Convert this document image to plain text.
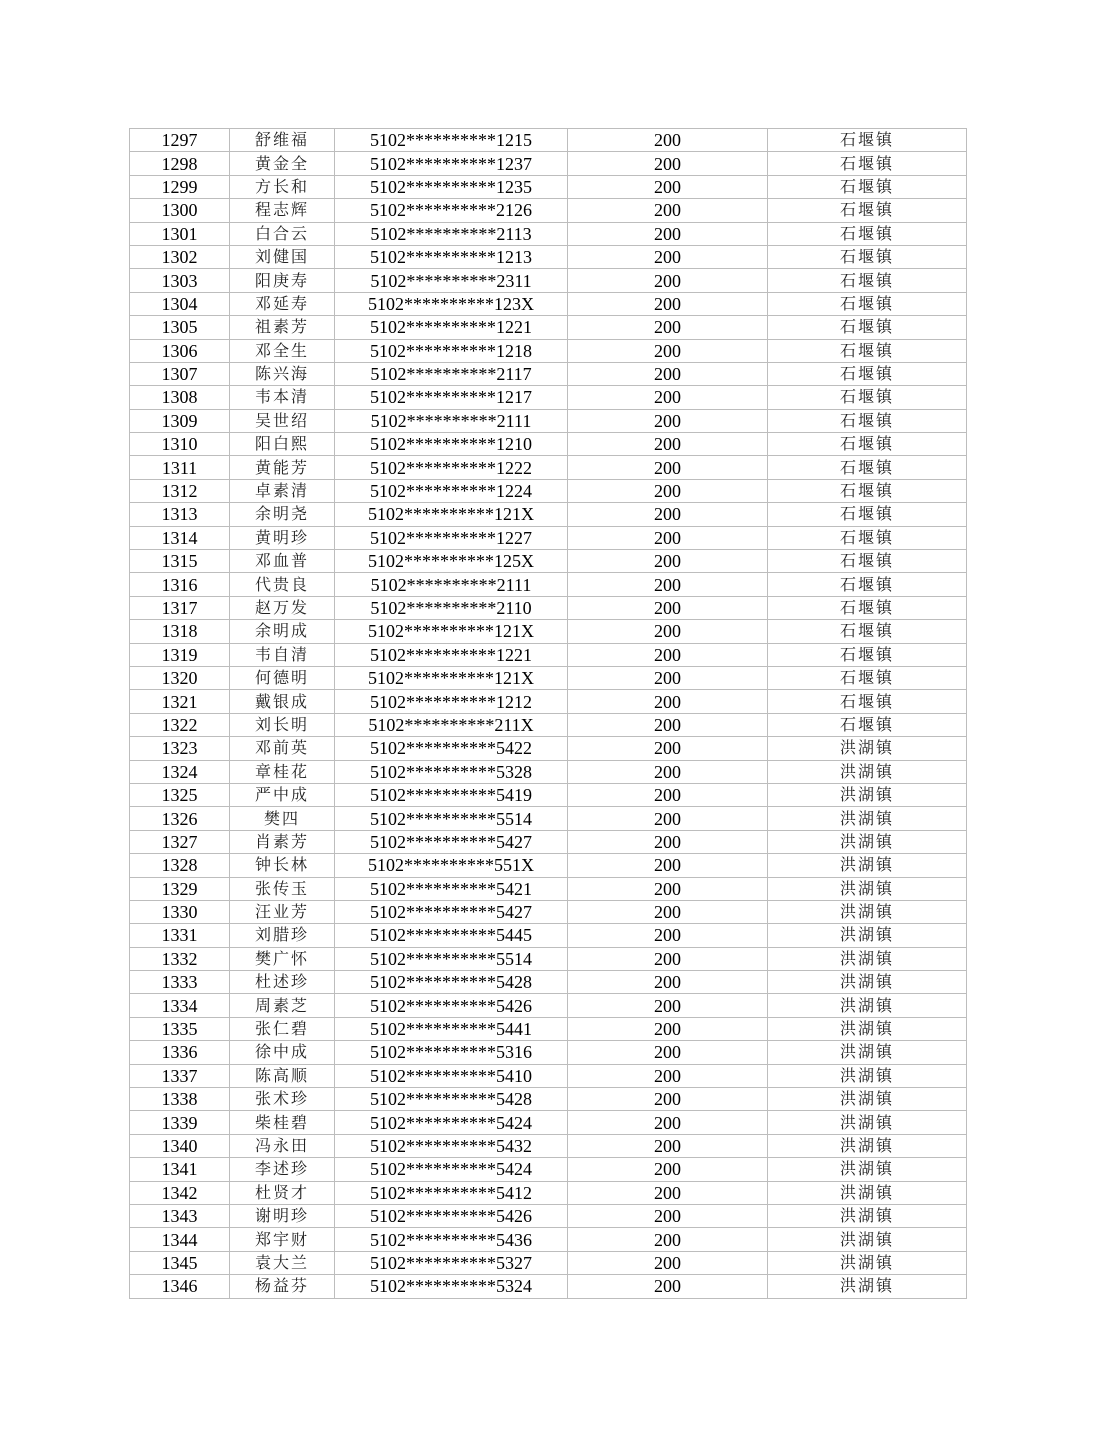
1297	舒维福	5102**********1215	200	石堰镇
1298	黄金全	5102**********1237	200	石堰镇
1299	方长和	5102**********1235	200	石堰镇
1300	程志辉	5102**********2126	200	石堰镇
1301	白合云	5102**********2113	200	石堰镇
1302	刘健国	5102**********1213	200	石堰镇
1303	阳庚寿	5102**********2311	200	石堰镇
1304	邓延寿	5102**********123X	200	石堰镇
1305	祖素芳	5102**********1221	200	石堰镇
1306	邓全生	5102**********1218	200	石堰镇
1307	陈兴海	5102**********2117	200	石堰镇
1308	韦本清	5102**********1217	200	石堰镇
1309	吴世绍	5102**********2111	200	石堰镇
1310	阳白熙	5102**********1210	200	石堰镇
1311	黄能芳	5102**********1222	200	石堰镇
1312	卓素清	5102**********1224	200	石堰镇
1313	余明尧	5102**********121X	200	石堰镇
1314	黄明珍	5102**********1227	200	石堰镇
1315	邓血普	5102**********125X	200	石堰镇
1316	代贵良	5102**********2111	200	石堰镇
1317	赵万发	5102**********2110	200	石堰镇
1318	余明成	5102**********121X	200	石堰镇
1319	韦自清	5102**********1221	200	石堰镇
1320	何德明	5102**********121X	200	石堰镇
1321	戴银成	5102**********1212	200	石堰镇
1322	刘长明	5102**********211X	200	石堰镇
1323	邓前英	5102**********5422	200	洪湖镇
1324	章桂花	5102**********5328	200	洪湖镇
1325	严中成	5102**********5419	200	洪湖镇
1326	樊四	5102**********5514	200	洪湖镇
1327	肖素芳	5102**********5427	200	洪湖镇
1328	钟长林	5102**********551X	200	洪湖镇
1329	张传玉	5102**********5421	200	洪湖镇
1330	汪业芳	5102**********5427	200	洪湖镇
1331	刘腊珍	5102**********5445	200	洪湖镇
1332	樊广怀	5102**********5514	200	洪湖镇
1333	杜述珍	5102**********5428	200	洪湖镇
1334	周素芝	5102**********5426	200	洪湖镇
1335	张仁碧	5102**********5441	200	洪湖镇
1336	徐中成	5102**********5316	200	洪湖镇
1337	陈高顺	5102**********5410	200	洪湖镇
1338	张术珍	5102**********5428	200	洪湖镇
1339	柴桂碧	5102**********5424	200	洪湖镇
1340	冯永田	5102**********5432	200	洪湖镇
1341	李述珍	5102**********5424	200	洪湖镇
1342	杜贤才	5102**********5412	200	洪湖镇
1343	谢明珍	5102**********5426	200	洪湖镇
1344	郑宇财	5102**********5436	200	洪湖镇
1345	袁大兰	5102**********5327	200	洪湖镇
1346	杨益芬	5102**********5324	200	洪湖镇
